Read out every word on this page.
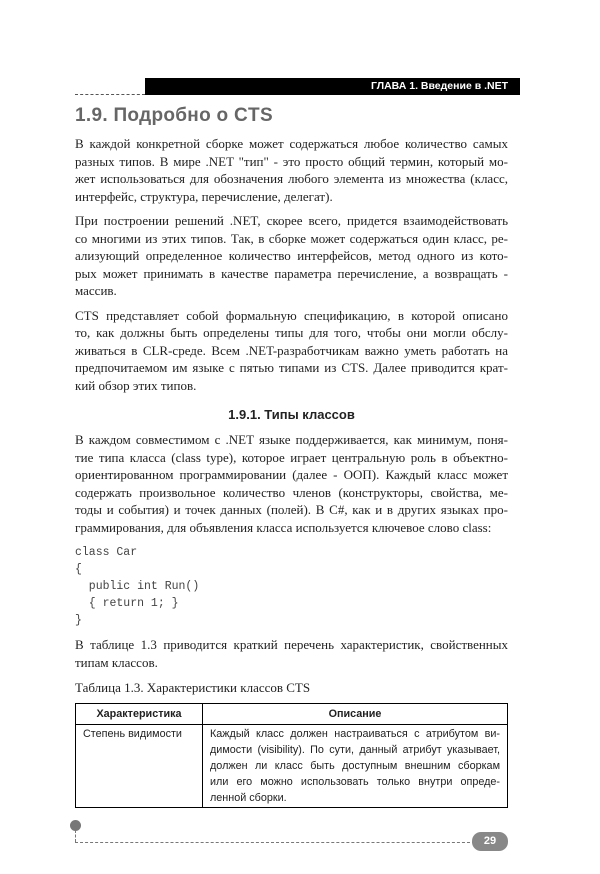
ГЛАВА 1. Введение в .NET
1.9. Подробно о CTS
В каждой конкретной сборке может содержаться любое количество самых
разных типов. В мире .NET "тип" - это просто общий термин, который мо-
жет использоваться для обозначения любого элемента из множества (класс,
интерфейс, структура, перечисление, делегат).
При построении решений .NET, скорее всего, придется взаимодействовать
со многими из этих типов. Так, в сборке может содержаться один класс, ре-
ализующий определенное количество интерфейсов, метод одного из кото-
рых может принимать в качестве параметра перечисление, а возвращать -
массив.
CTS представляет собой формальную спецификацию, в которой описано
то, как должны быть определены типы для того, чтобы они могли обслу-
живаться в CLR-среде. Всем .NET-разработчикам важно уметь работать на
предпочитаемом им языке с пятью типами из CTS. Далее приводится крат-
кий обзор этих типов.
1.9.1. Типы классов
В каждом совместимом с .NET языке поддерживается, как минимум, поня-
тие типа класса (class type), которое играет центральную роль в объектно-
ориентированном программировании (далее - ООП). Каждый класс может
содержать произвольное количество членов (конструкторы, свойства, ме-
тоды и события) и точек данных (полей). В C#, как и в других языках про-
граммирования, для объявления класса используется ключевое слово class:
class Car
{
public int Run()
{ return 1; }
}
В таблице 1.3 приводится краткий перечень характеристик, свойственных
типам классов.
Таблица 1.3. Характеристики классов CTS
Характеристика	Описание
Степень видимости	Каждый класс должен настраиваться с атрибутом ви-
димости (visibility). По сути, данный атрибут указывает,
должен ли класс быть доступным внешним сборкам
или его можно использовать только внутри опреде-
ленной сборки.
29
